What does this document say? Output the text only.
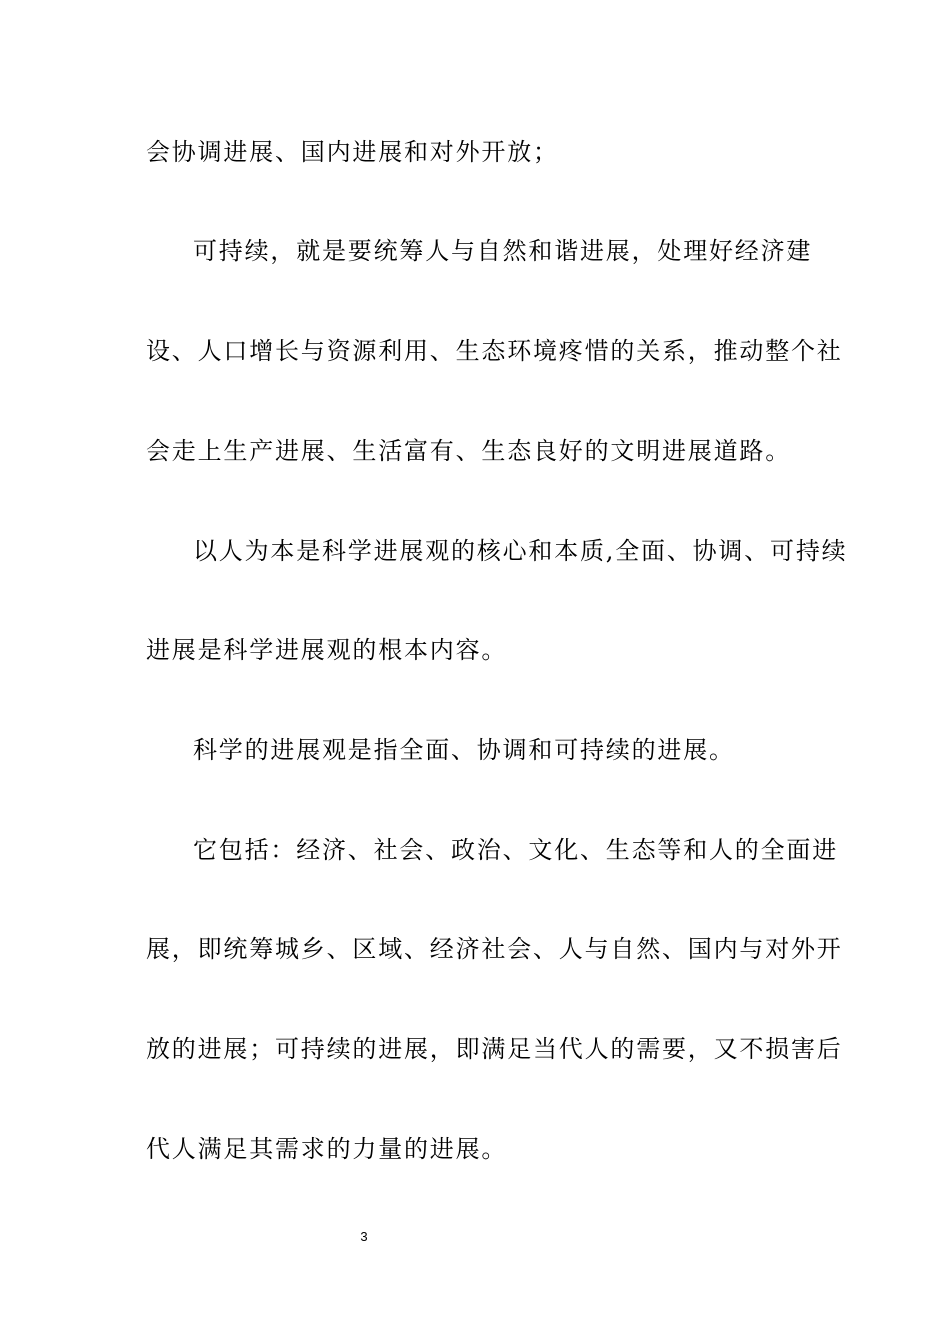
会协调进展、国内进展和对外开放；

可持续，就是要统筹人与自然和谐进展，处理好经济建

设、人口增长与资源利用、生态环境疼惜的关系，推动整个社

会走上生产进展、生活富有、生态良好的文明进展道路。

以人为本是科学进展观的核心和本质,全面、协调、可持续

进展是科学进展观的根本内容。

科学的进展观是指全面、协调和可持续的进展。

它包括：经济、社会、政治、文化、生态等和人的全面进

展，即统筹城乡、区域、经济社会、人与自然、国内与对外开

放的进展；可持续的进展，即满足当代人的需要，又不损害后

代人满足其需求的力量的进展。

3
